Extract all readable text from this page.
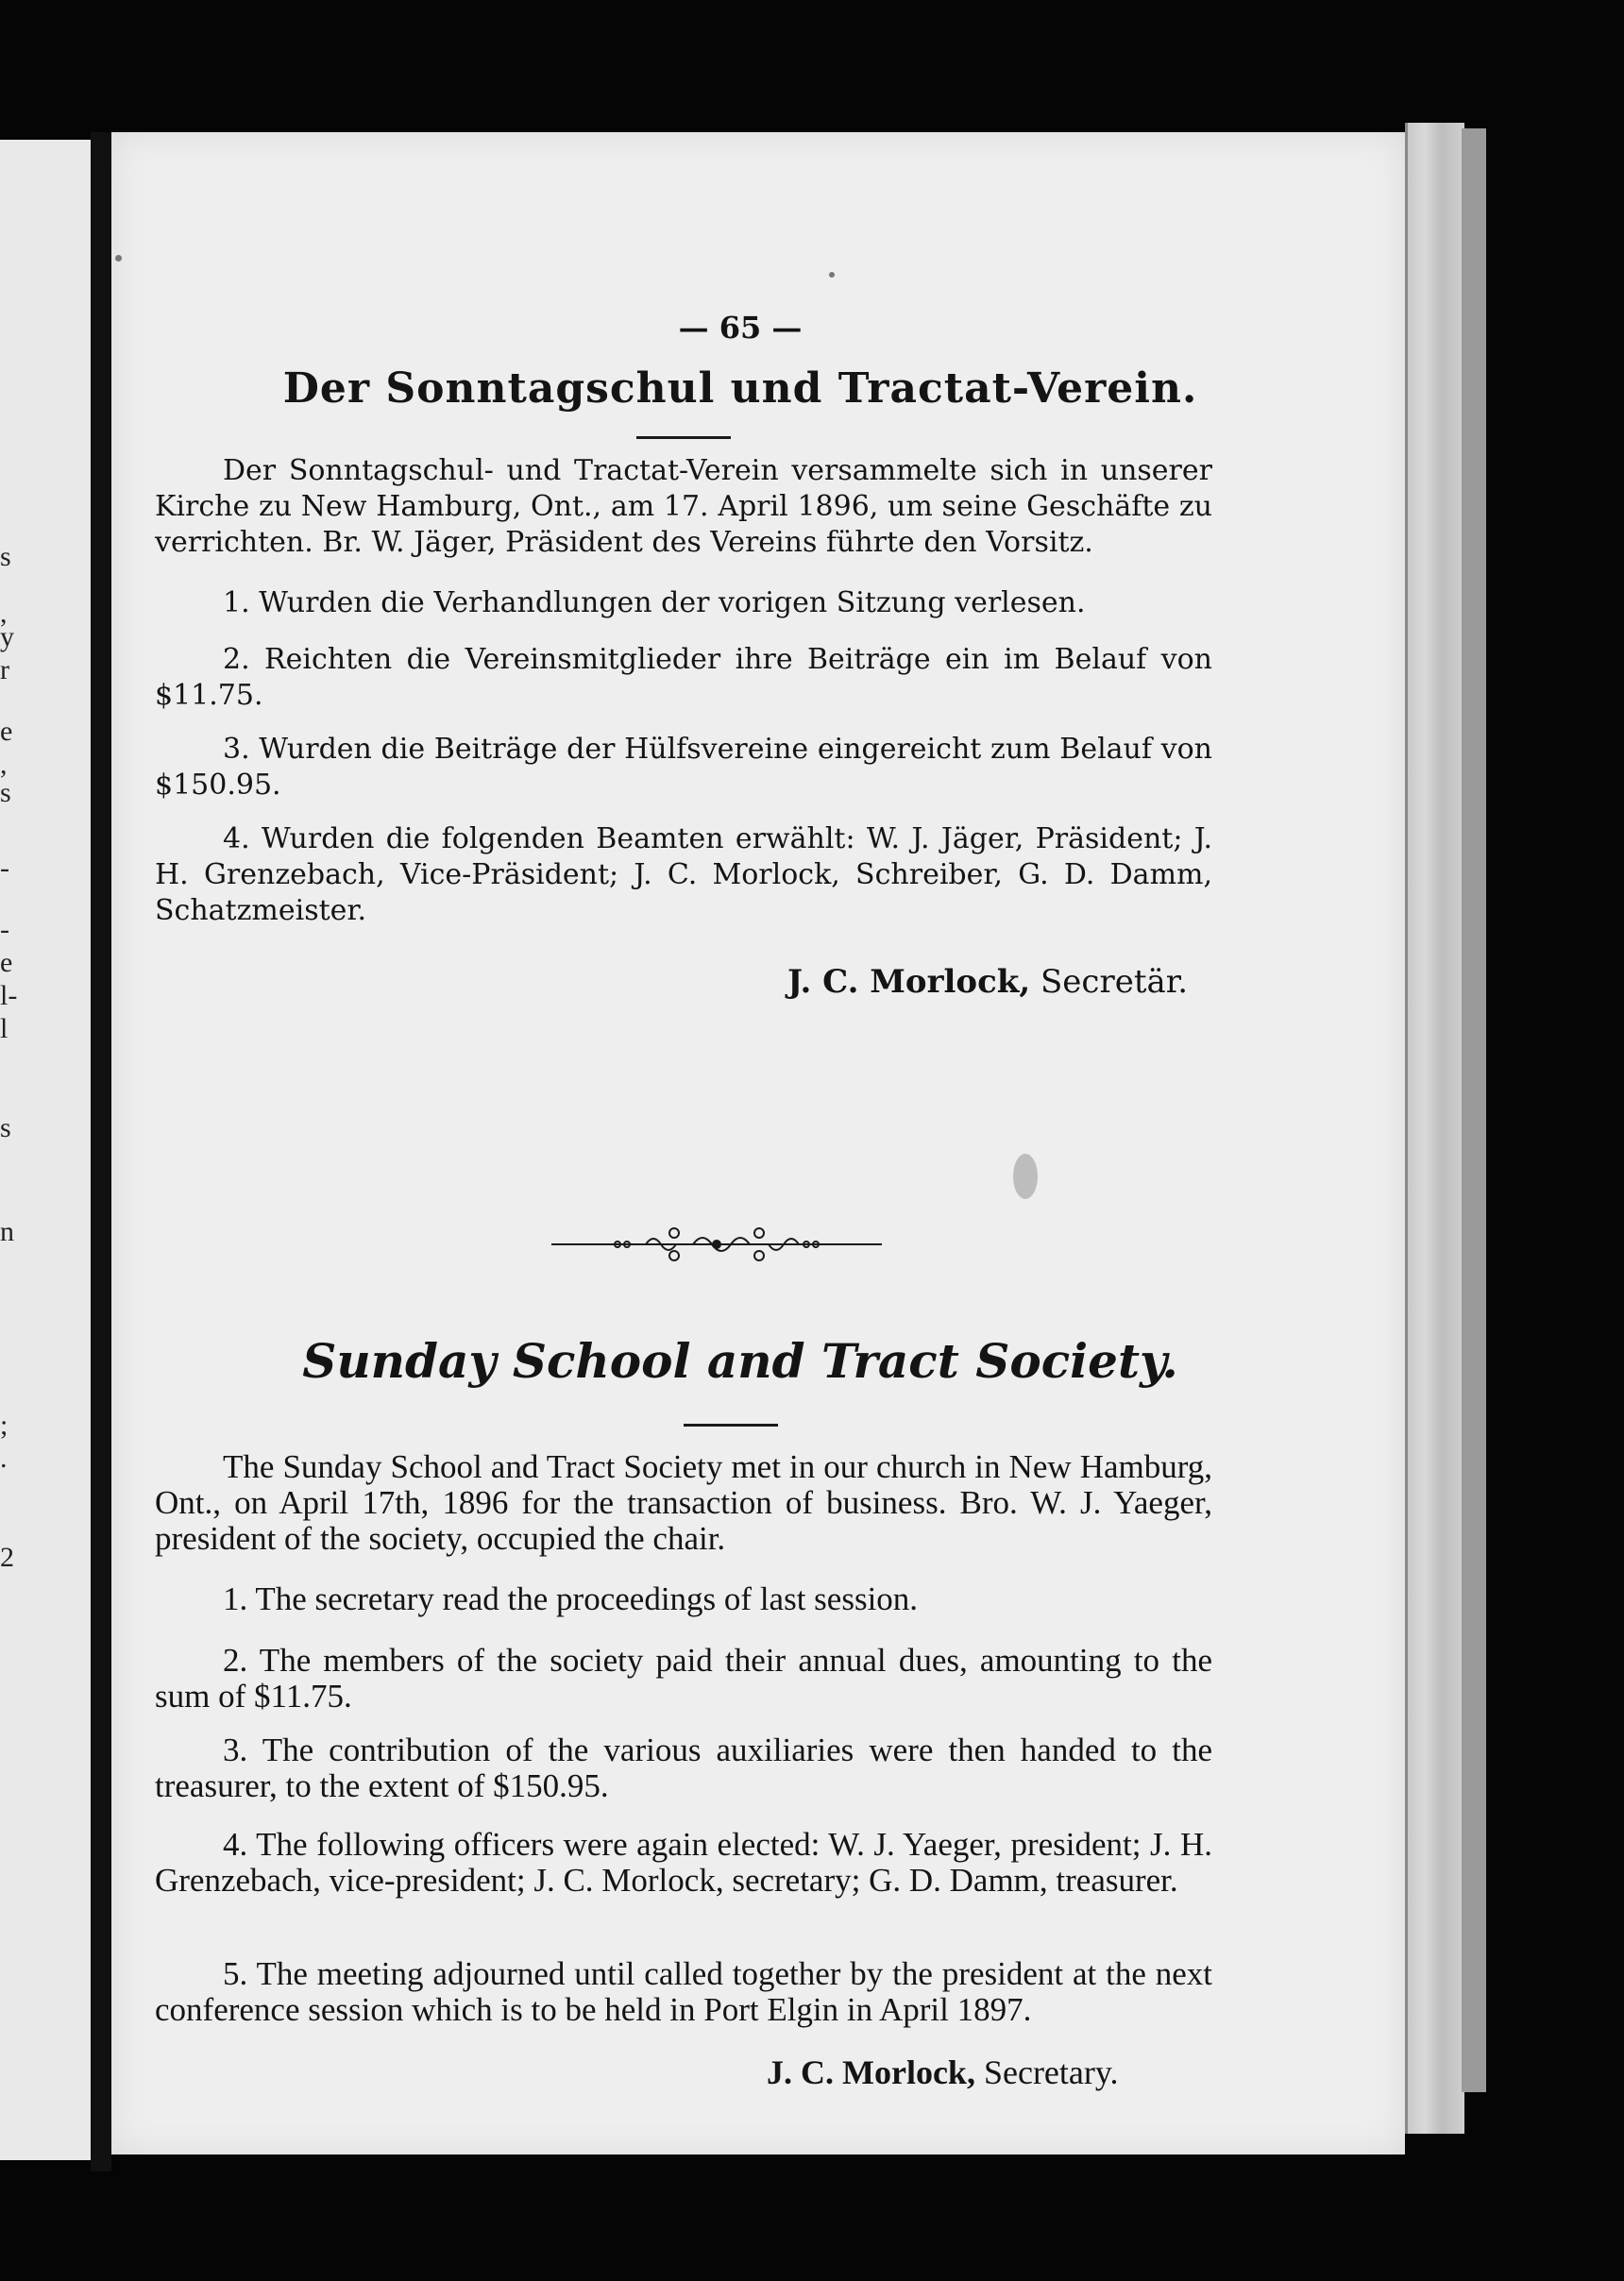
s
,
y
r
e
,
s
-
-
e
l-
l
s
n
;
.
2
— 65 —
Der Sonntagschul und Tractat-Verein.

Der Sonntagschul- und Tractat-Verein versammelte sich in unserer Kirche zu New Hamburg, Ont., am 17. April 1896, um seine Geschäfte zu verrichten. Br. W. Jäger, Präsident des Vereins führte den Vorsitz.

1. Wurden die Verhandlungen der vorigen Sitzung verlesen.

2. Reichten die Vereinsmitglieder ihre Beiträge ein im Belauf von $11.75.

3. Wurden die Beiträge der Hülfsvereine eingereicht zum Belauf von $150.95.

4. Wurden die folgenden Beamten erwählt: W. J. Jäger, Präsident; J. H. Grenzebach, Vice-Präsident; J. C. Morlock, Schreiber, G. D. Damm, Schatzmeister.

J. C. Morlock, Secretär.
Sunday School and Tract Society.

The Sunday School and Tract Society met in our church in New Hamburg, Ont., on April 17th, 1896 for the transaction of business. Bro. W. J. Yaeger, president of the society, occupied the chair.

1. The secretary read the proceedings of last session.

2. The members of the society paid their annual dues, amounting to the sum of $11.75.

3. The contribution of the various auxiliaries were then handed to the treasurer, to the extent of $150.95.

4. The following officers were again elected: W. J. Yaeger, president; J. H. Grenzebach, vice-president; J. C. Morlock, secretary; G. D. Damm, treasurer.

5. The meeting adjourned until called together by the president at the next conference session which is to be held in Port Elgin in April 1897.

J. C. Morlock, Secretary.
